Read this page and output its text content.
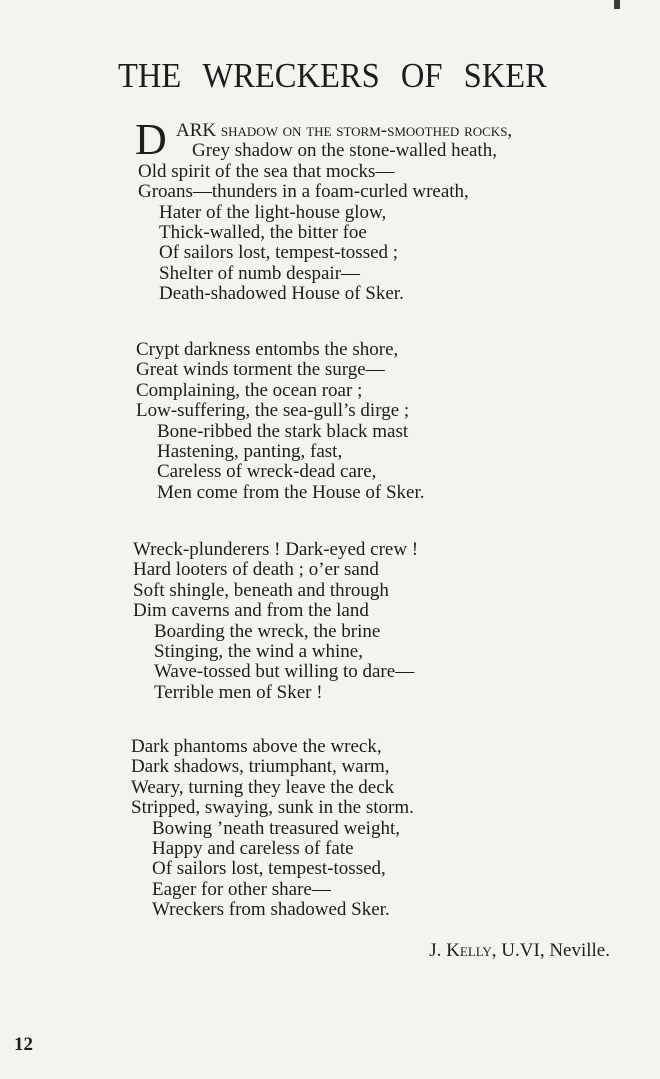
THE WRECKERS OF SKER
D ARK shadow on the storm-smoothed rocks,
Grey shadow on the stone-walled heath,
Old spirit of the sea that mocks—
Groans—thunders in a foam-curled wreath,
Hater of the light-house glow,
Thick-walled, the bitter foe
Of sailors lost, tempest-tossed ;
Shelter of numb despair—
Death-shadowed House of Sker.
Crypt darkness entombs the shore,
Great winds torment the surge—
Complaining, the ocean roar ;
Low-suffering, the sea-gull’s dirge ;
Bone-ribbed the stark black mast
Hastening, panting, fast,
Careless of wreck-dead care,
Men come from the House of Sker.
Wreck-plunderers ! Dark-eyed crew !
Hard looters of death ; o’er sand
Soft shingle, beneath and through
Dim caverns and from the land
Boarding the wreck, the brine
Stinging, the wind a whine,
Wave-tossed but willing to dare—
Terrible men of Sker !
Dark phantoms above the wreck,
Dark shadows, triumphant, warm,
Weary, turning they leave the deck
Stripped, swaying, sunk in the storm.
Bowing ’neath treasured weight,
Happy and careless of fate
Of sailors lost, tempest-tossed,
Eager for other share—
Wreckers from shadowed Sker.

J. Kelly, U.VI, Neville.

12
